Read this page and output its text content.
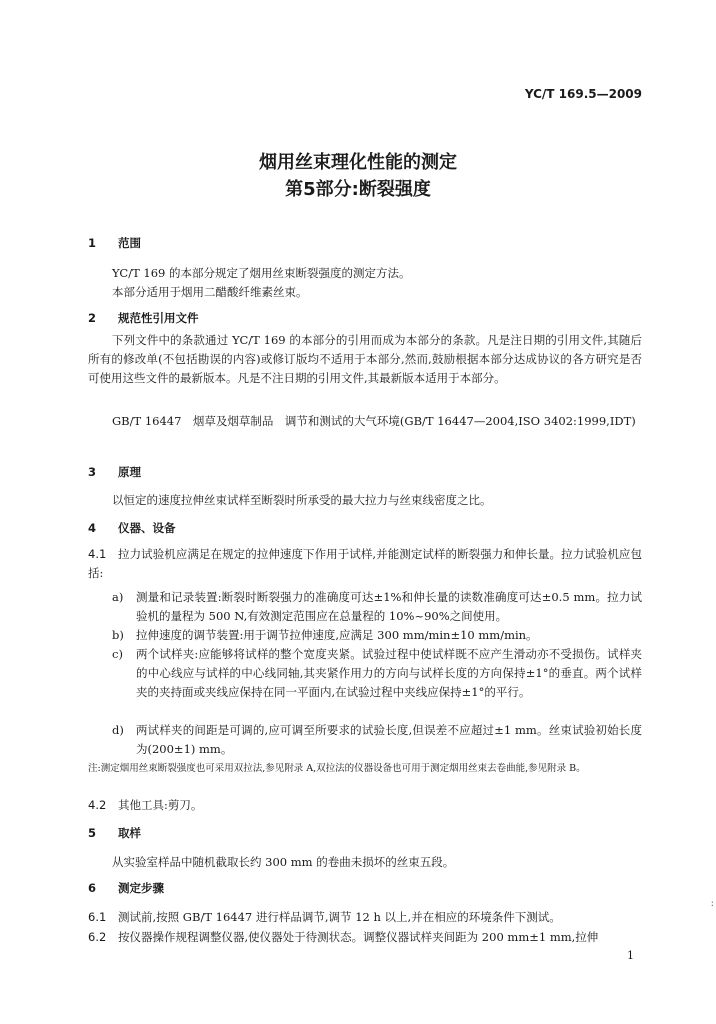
YC/T 169.5—2009
烟用丝束理化性能的测定
第5部分:断裂强度
1 范围
YC/T 169 的本部分规定了烟用丝束断裂强度的测定方法。
本部分适用于烟用二醋酸纤维素丝束。
2 规范性引用文件
下列文件中的条款通过 YC/T 169 的本部分的引用而成为本部分的条款。凡是注日期的引用文件,其随后所有的修改单(不包括勘误的内容)或修订版均不适用于本部分,然而,鼓励根据本部分达成协议的各方研究是否可使用这些文件的最新版本。凡是不注日期的引用文件,其最新版本适用于本部分。
GB/T 16447　烟草及烟草制品　调节和测试的大气环境(GB/T 16447—2004,ISO 3402:1999,IDT)
3 原理
以恒定的速度拉伸丝束试样至断裂时所承受的最大拉力与丝束线密度之比。
4 仪器、设备
4.1 拉力试验机应满足在规定的拉伸速度下作用于试样,并能测定试样的断裂强力和伸长量。拉力试验机应包括:
a) 测量和记录装置:断裂时断裂强力的准确度可达±1%和伸长量的读数准确度可达±0.5 mm。拉力试验机的量程为 500 N,有效测定范围应在总量程的 10%~90%之间使用。
b) 拉伸速度的调节装置:用于调节拉伸速度,应满足 300 mm/min±10 mm/min。
c) 两个试样夹:应能够将试样的整个宽度夹紧。试验过程中使试样既不应产生滑动亦不受损伤。试样夹的中心线应与试样的中心线同轴,其夹紧作用力的方向与试样长度的方向保持±1°的垂直。两个试样夹的夹持面或夹线应保持在同一平面内,在试验过程中夹线应保持±1°的平行。
d) 两试样夹的间距是可调的,应可调至所要求的试验长度,但误差不应超过±1 mm。丝束试验初始长度为(200±1) mm。
注:测定烟用丝束断裂强度也可采用双拉法,参见附录 A,双拉法的仪器设备也可用于测定烟用丝束去卷曲能,参见附录 B。
4.2 其他工具:剪刀。
5 取样
从实验室样品中随机截取长约 300 mm 的卷曲未损坏的丝束五段。
6 测定步骤
6.1 测试前,按照 GB/T 16447 进行样品调节,调节 12 h 以上,并在相应的环境条件下测试。
6.2 按仪器操作规程调整仪器,使仪器处于待测状态。调整仪器试样夹间距为 200 mm±1 mm,拉伸
1
:
